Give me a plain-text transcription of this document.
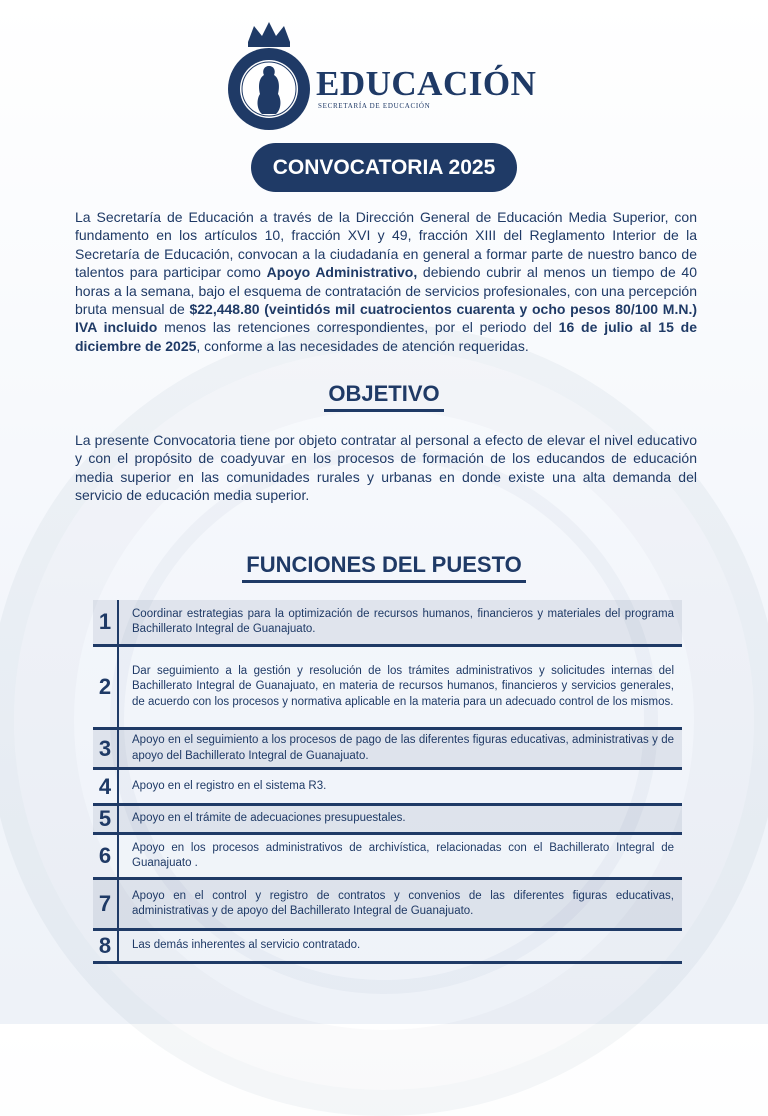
EDUCACIÓN
SECRETARÍA DE EDUCACIÓN
CONVOCATORIA 2025
La Secretaría de Educación a través de la Dirección General de Educación Media Superior, con fundamento en los artículos 10, fracción XVI y 49, fracción XIII del Reglamento Interior de la Secretaría de Educación, convocan a la ciudadanía en general a formar parte de nuestro banco de talentos para participar como Apoyo Administrativo, debiendo cubrir al menos un tiempo de 40 horas a la semana, bajo el esquema de contratación de servicios profesionales, con una percepción bruta mensual de $22,448.80 (veintidós mil cuatrocientos cuarenta y ocho pesos 80/100 M.N.) IVA incluido menos las retenciones correspondientes, por el periodo del 16 de julio al 15 de diciembre de 2025, conforme a las necesidades de atención requeridas.
OBJETIVO
La presente Convocatoria tiene por objeto contratar al personal a efecto de elevar el nivel educativo y con el propósito de coadyuvar en los procesos de formación de los educandos de educación media superior en las comunidades rurales y urbanas en donde existe una alta demanda del servicio de educación media superior.
FUNCIONES DEL PUESTO
1	Coordinar estrategias para la optimización de recursos humanos, financieros y materiales del programa Bachillerato Integral de Guanajuato.
2
Dar seguimiento a la gestión y resolución de los trámites administrativos y solicitudes internas del Bachillerato Integral de Guanajuato, en materia de recursos humanos, financieros y servicios generales, de acuerdo con los procesos y normativa aplicable en la materia para un adecuado control de los mismos.
3	Apoyo en el seguimiento a los procesos de pago de las diferentes figuras educativas, administrativas y de apoyo del Bachillerato Integral de Guanajuato.
4	Apoyo en el registro en el sistema R3.
5	Apoyo en el trámite de adecuaciones presupuestales.
6	Apoyo en los procesos administrativos de archivística, relacionadas con el Bachillerato Integral de Guanajuato .
7	Apoyo en el control y registro de contratos y convenios de las diferentes figuras educativas, administrativas y de apoyo del Bachillerato Integral de Guanajuato.
8	Las demás inherentes al servicio contratado.
